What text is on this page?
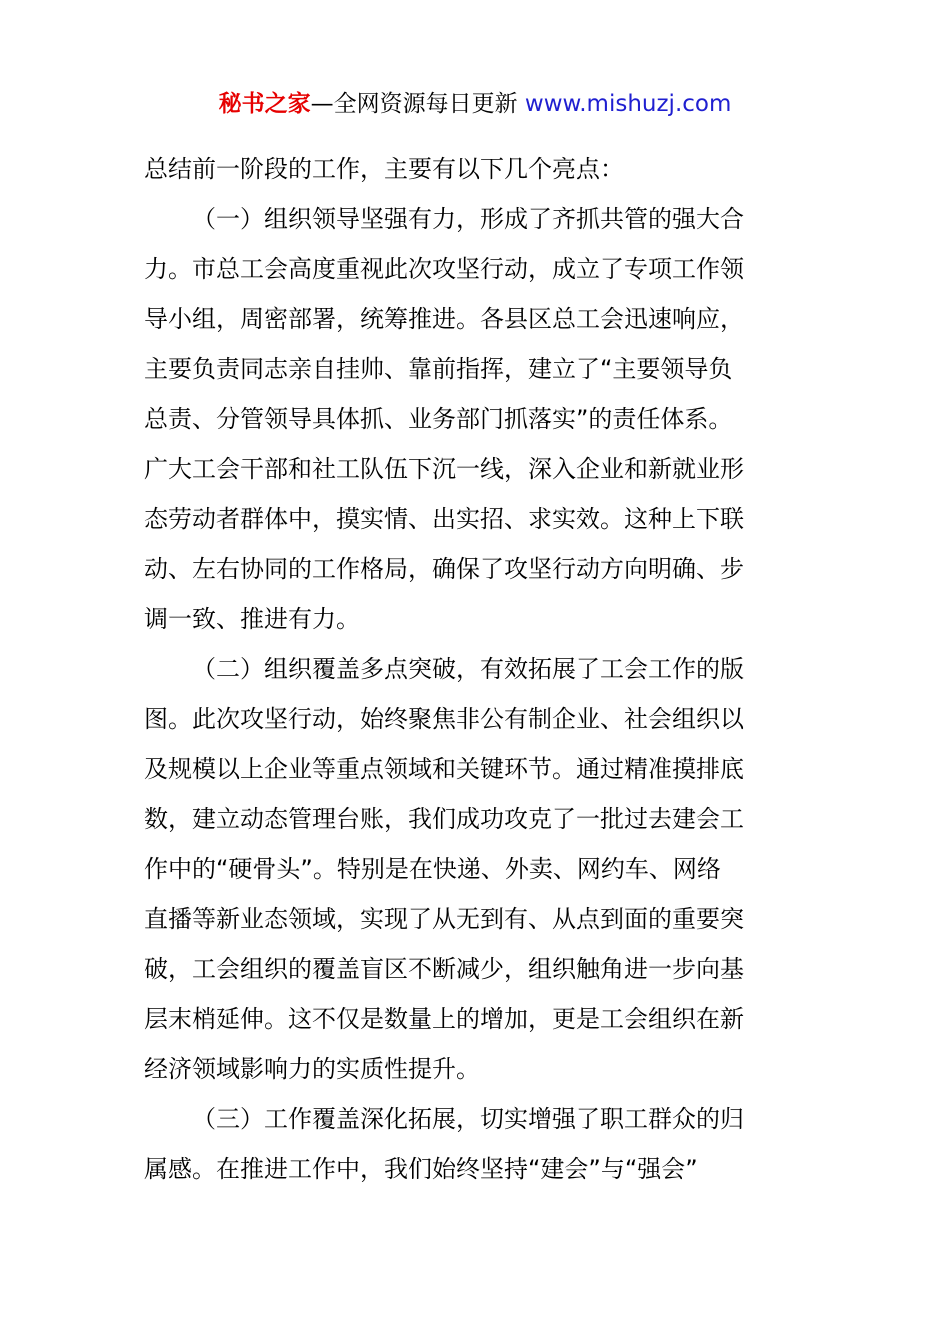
秘书之家—全网资源每日更新 www.mishuzj.com
总结前一阶段的工作，主要有以下几个亮点：
（一）组织领导坚强有力，形成了齐抓共管的强大合
力。市总工会高度重视此次攻坚行动，成立了专项工作领
导小组，周密部署，统筹推进。各县区总工会迅速响应，
主要负责同志亲自挂帅、靠前指挥，建立了“主要领导负
总责、分管领导具体抓、业务部门抓落实”的责任体系。
广大工会干部和社工队伍下沉一线，深入企业和新就业形
态劳动者群体中，摸实情、出实招、求实效。这种上下联
动、左右协同的工作格局，确保了攻坚行动方向明确、步
调一致、推进有力。
（二）组织覆盖多点突破，有效拓展了工会工作的版
图。此次攻坚行动，始终聚焦非公有制企业、社会组织以
及规模以上企业等重点领域和关键环节。通过精准摸排底
数，建立动态管理台账，我们成功攻克了一批过去建会工
作中的“硬骨头”。特别是在快递、外卖、网约车、网络
直播等新业态领域，实现了从无到有、从点到面的重要突
破，工会组织的覆盖盲区不断减少，组织触角进一步向基
层末梢延伸。这不仅是数量上的增加，更是工会组织在新
经济领域影响力的实质性提升。
（三）工作覆盖深化拓展，切实增强了职工群众的归
属感。在推进工作中，我们始终坚持“建会”与“强会”
